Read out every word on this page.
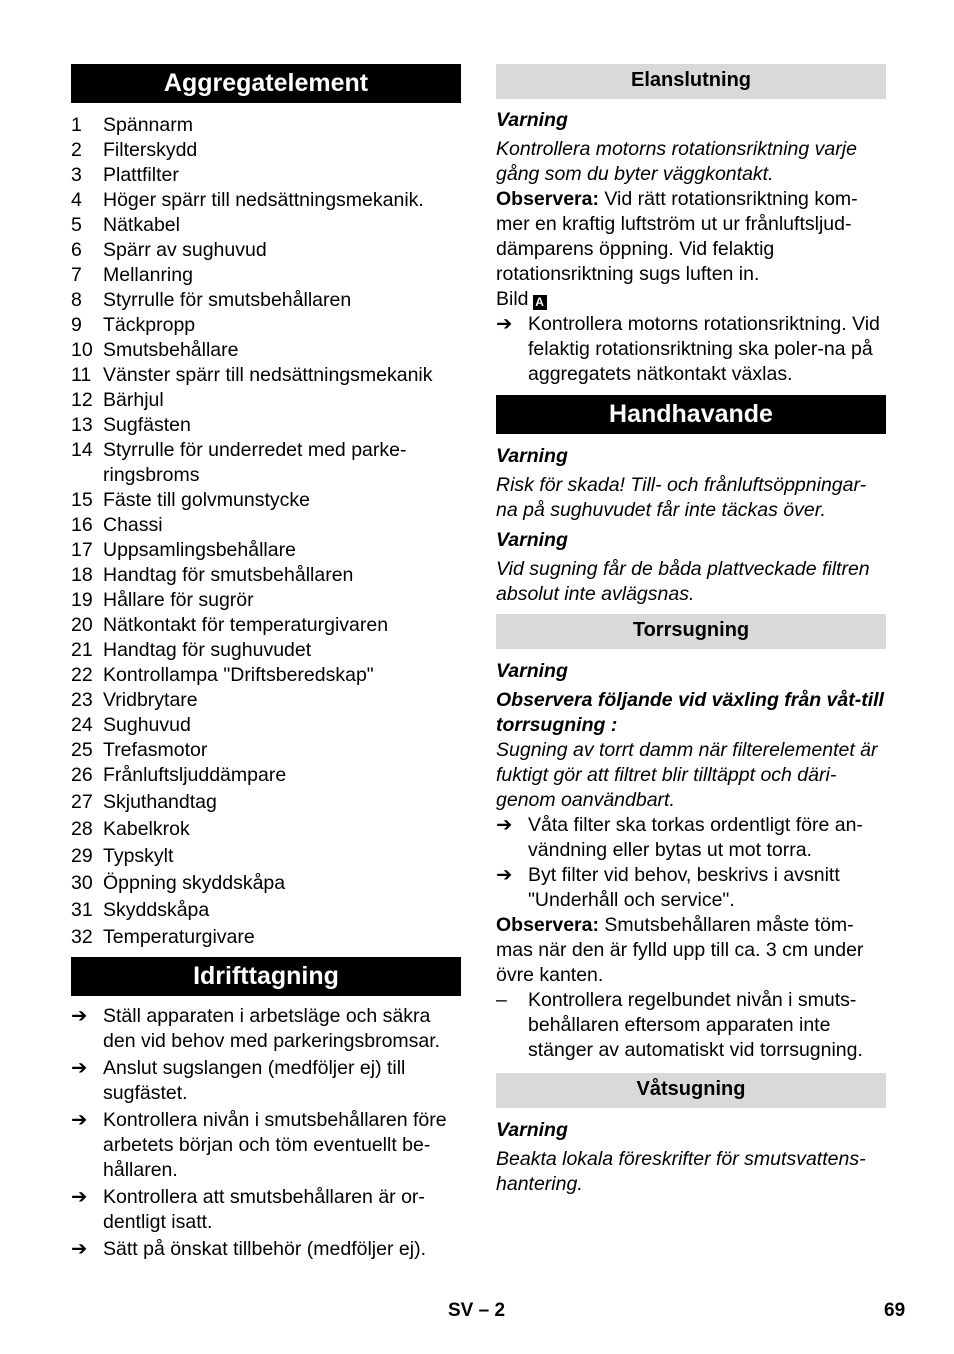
Aggregatelement
1 Spännarm
2 Filterskydd
3 Plattfilter
4 Höger spärr till nedsättningsmekanik.
5 Nätkabel
6 Spärr av sughuvud
7 Mellanring
8 Styrrulle för smutsbehållaren
9 Täckpropp
10 Smutsbehållare
11 Vänster spärr till nedsättningsmekanik
12 Bärhjul
13 Sugfästen
14 Styrrulle för underredet med parke-ringsbroms
15 Fäste till golvmunstycke
16 Chassi
17 Uppsamlingsbehållare
18 Handtag för smutsbehållaren
19 Hållare för sugrör
20 Nätkontakt för temperaturgivaren
21 Handtag för sughuvudet
22 Kontrollampa "Driftsberedskap"
23 Vridbrytare
24 Sughuvud
25 Trefasmotor
26 Frånluftsljuddämpare
27 Skjuthandtag
28 Kabelkrok
29 Typskylt
30 Öppning skyddskåpa
31 Skyddskåpa
32 Temperaturgivare
Idrifttagning
➔ Ställ apparaten i arbetsläge och säkra den vid behov med parkeringsbromsar.
➔ Anslut sugslangen (medföljer ej) till sugfästet.
➔ Kontrollera nivån i smutsbehållaren före arbetets början och töm eventuellt be-hållaren.
➔ Kontrollera att smutsbehållaren är or-dentligt isatt.
➔ Sätt på önskat tillbehör (medföljer ej).
Elanslutning
Varning
Kontrollera motorns rotationsriktning varje gång som du byter väggkontakt.
Observera: Vid rätt rotationsriktning kom-mer en kraftig luftström ut ur frånluftsljud-dämparens öppning. Vid felaktig rotationsriktning sugs luften in.
Bild A
➔ Kontrollera motorns rotationsriktning. Vid felaktig rotationsriktning ska poler-na på aggregatets nätkontakt växlas.
Handhavande
Varning
Risk för skada! Till- och frånluftsöppningar-na på sughuvudet får inte täckas över.
Varning
Vid sugning får de båda plattveckade filtren absolut inte avlägsnas.
Torrsugning
Varning
Observera följande vid växling från våt-till torrsugning :
Sugning av torrt damm när filterelementet är fuktigt gör att filtret blir tilltäppt och däri-genom oanvändbart.
➔ Våta filter ska torkas ordentligt före an-vändning eller bytas ut mot torra.
➔ Byt filter vid behov, beskrivs i avsnitt "Underhåll och service".
Observera: Smutsbehållaren måste töm-mas när den är fylld upp till ca. 3 cm under övre kanten.
– Kontrollera regelbundet nivån i smuts-behållaren eftersom apparaten inte stänger av automatiskt vid torrsugning.
Våtsugning
Varning
Beakta lokala föreskrifter för smutsvattens-hantering.
SV – 2	69
